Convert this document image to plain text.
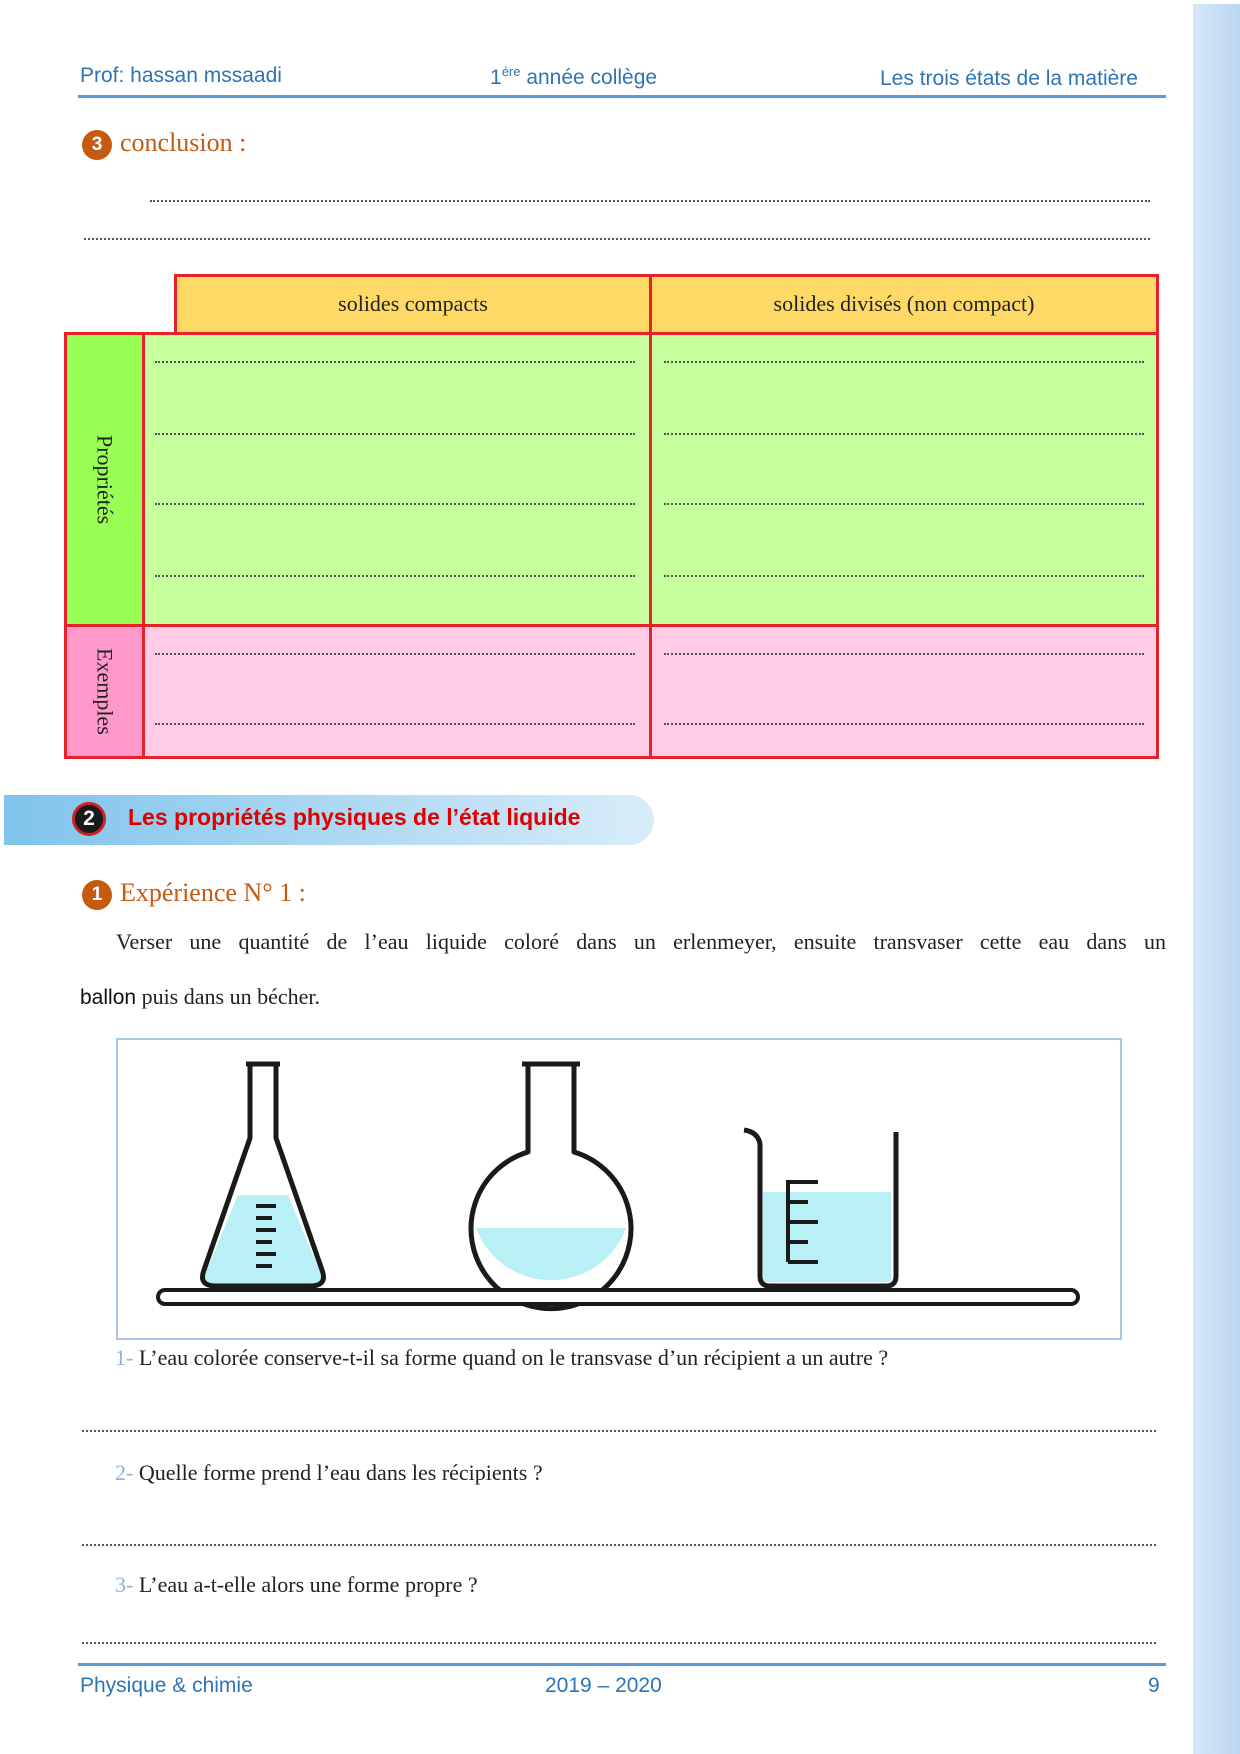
Prof: hassan mssaadi	$1^{ére}$ année collège	Les trois états de la matière
3 conclusion :
solides compacts	solides divisés (non compact)
Propriétés
Exemples
2	Les propriétés physiques de l’état liquide
1 Expérience N° 1 :
Verser une quantité de l’eau liquide coloré dans un erlenmeyer, ensuite transvaser cette eau dans un
ballon puis dans un bécher.
1- L’eau colorée conserve-t-il sa forme quand on le transvase d’un récipient a un autre ?
2- Quelle forme prend l’eau dans les récipients ?
3- L’eau a-t-elle alors une forme propre ?
Physique & chimie	2019 – 2020	9
